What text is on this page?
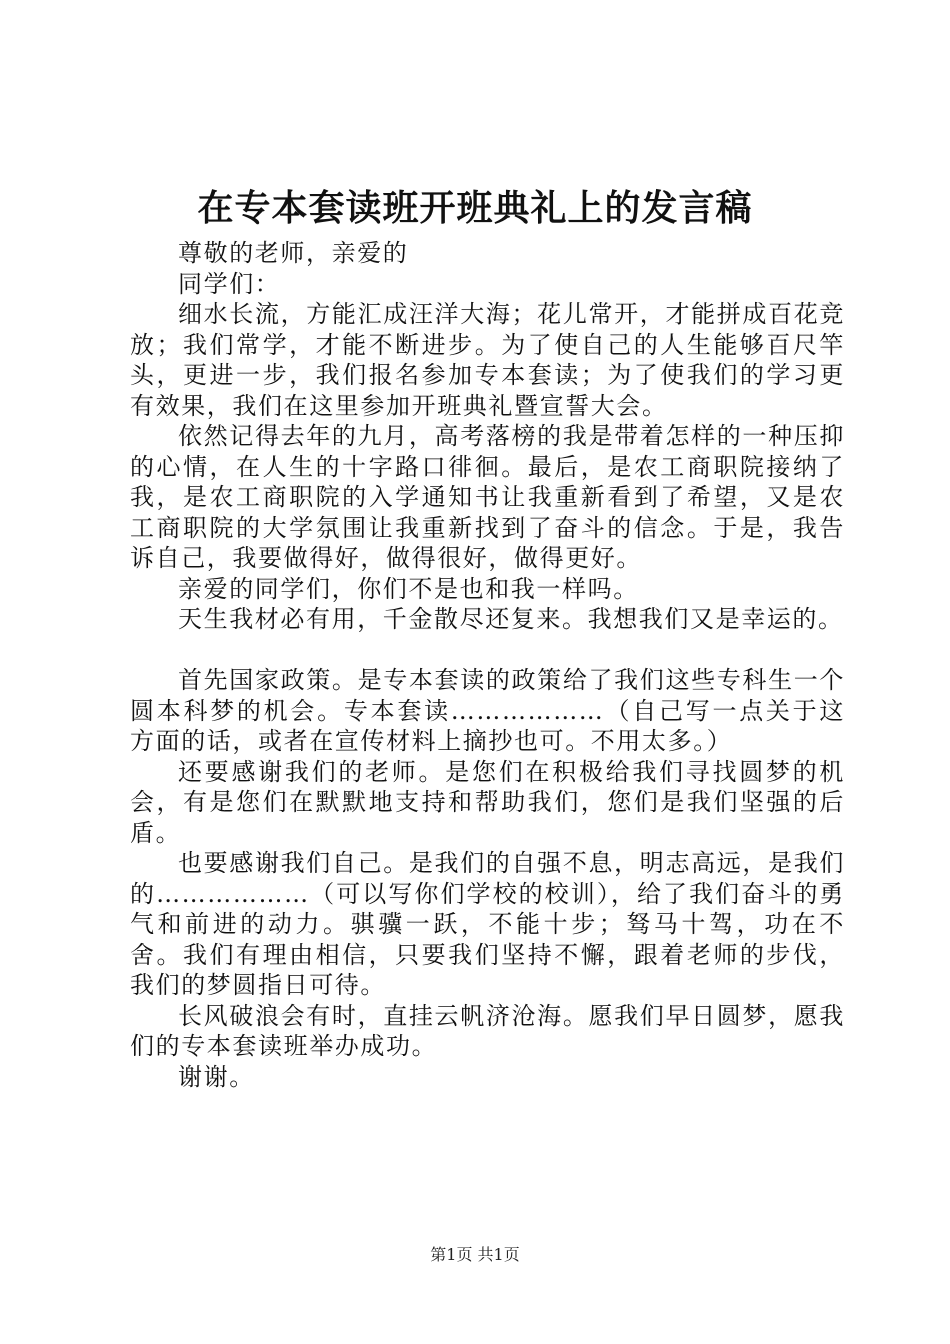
在专本套读班开班典礼上的发言稿

尊敬的老师，亲爱的

同学们：

细水长流，方能汇成汪洋大海；花儿常开，才能拼成百花竞放；我们常学，才能不断进步。为了使自己的人生能够百尺竿头，更进一步，我们报名参加专本套读；为了使我们的学习更有效果，我们在这里参加开班典礼暨宣誓大会。

依然记得去年的九月，高考落榜的我是带着怎样的一种压抑的心情，在人生的十字路口徘徊。最后，是农工商职院接纳了我，是农工商职院的入学通知书让我重新看到了希望，又是农工商职院的大学氛围让我重新找到了奋斗的信念。于是，我告诉自己，我要做得好，做得很好，做得更好。

亲爱的同学们，你们不是也和我一样吗。

天生我材必有用，千金散尽还复来。我想我们又是幸运的。

首先国家政策。是专本套读的政策给了我们这些专科生一个圆本科梦的机会。专本套读………………（自己写一点关于这方面的话，或者在宣传材料上摘抄也可。不用太多。）

还要感谢我们的老师。是您们在积极给我们寻找圆梦的机会，有是您们在默默地支持和帮助我们，您们是我们坚强的后盾。

也要感谢我们自己。是我们的自强不息，明志高远，是我们的………………（可以写你们学校的校训），给了我们奋斗的勇气和前进的动力。骐骥一跃，不能十步；驽马十驾，功在不舍。我们有理由相信，只要我们坚持不懈，跟着老师的步伐，我们的梦圆指日可待。

长风破浪会有时，直挂云帆济沧海。愿我们早日圆梦，愿我们的专本套读班举办成功。

谢谢。

第1页 共1页
